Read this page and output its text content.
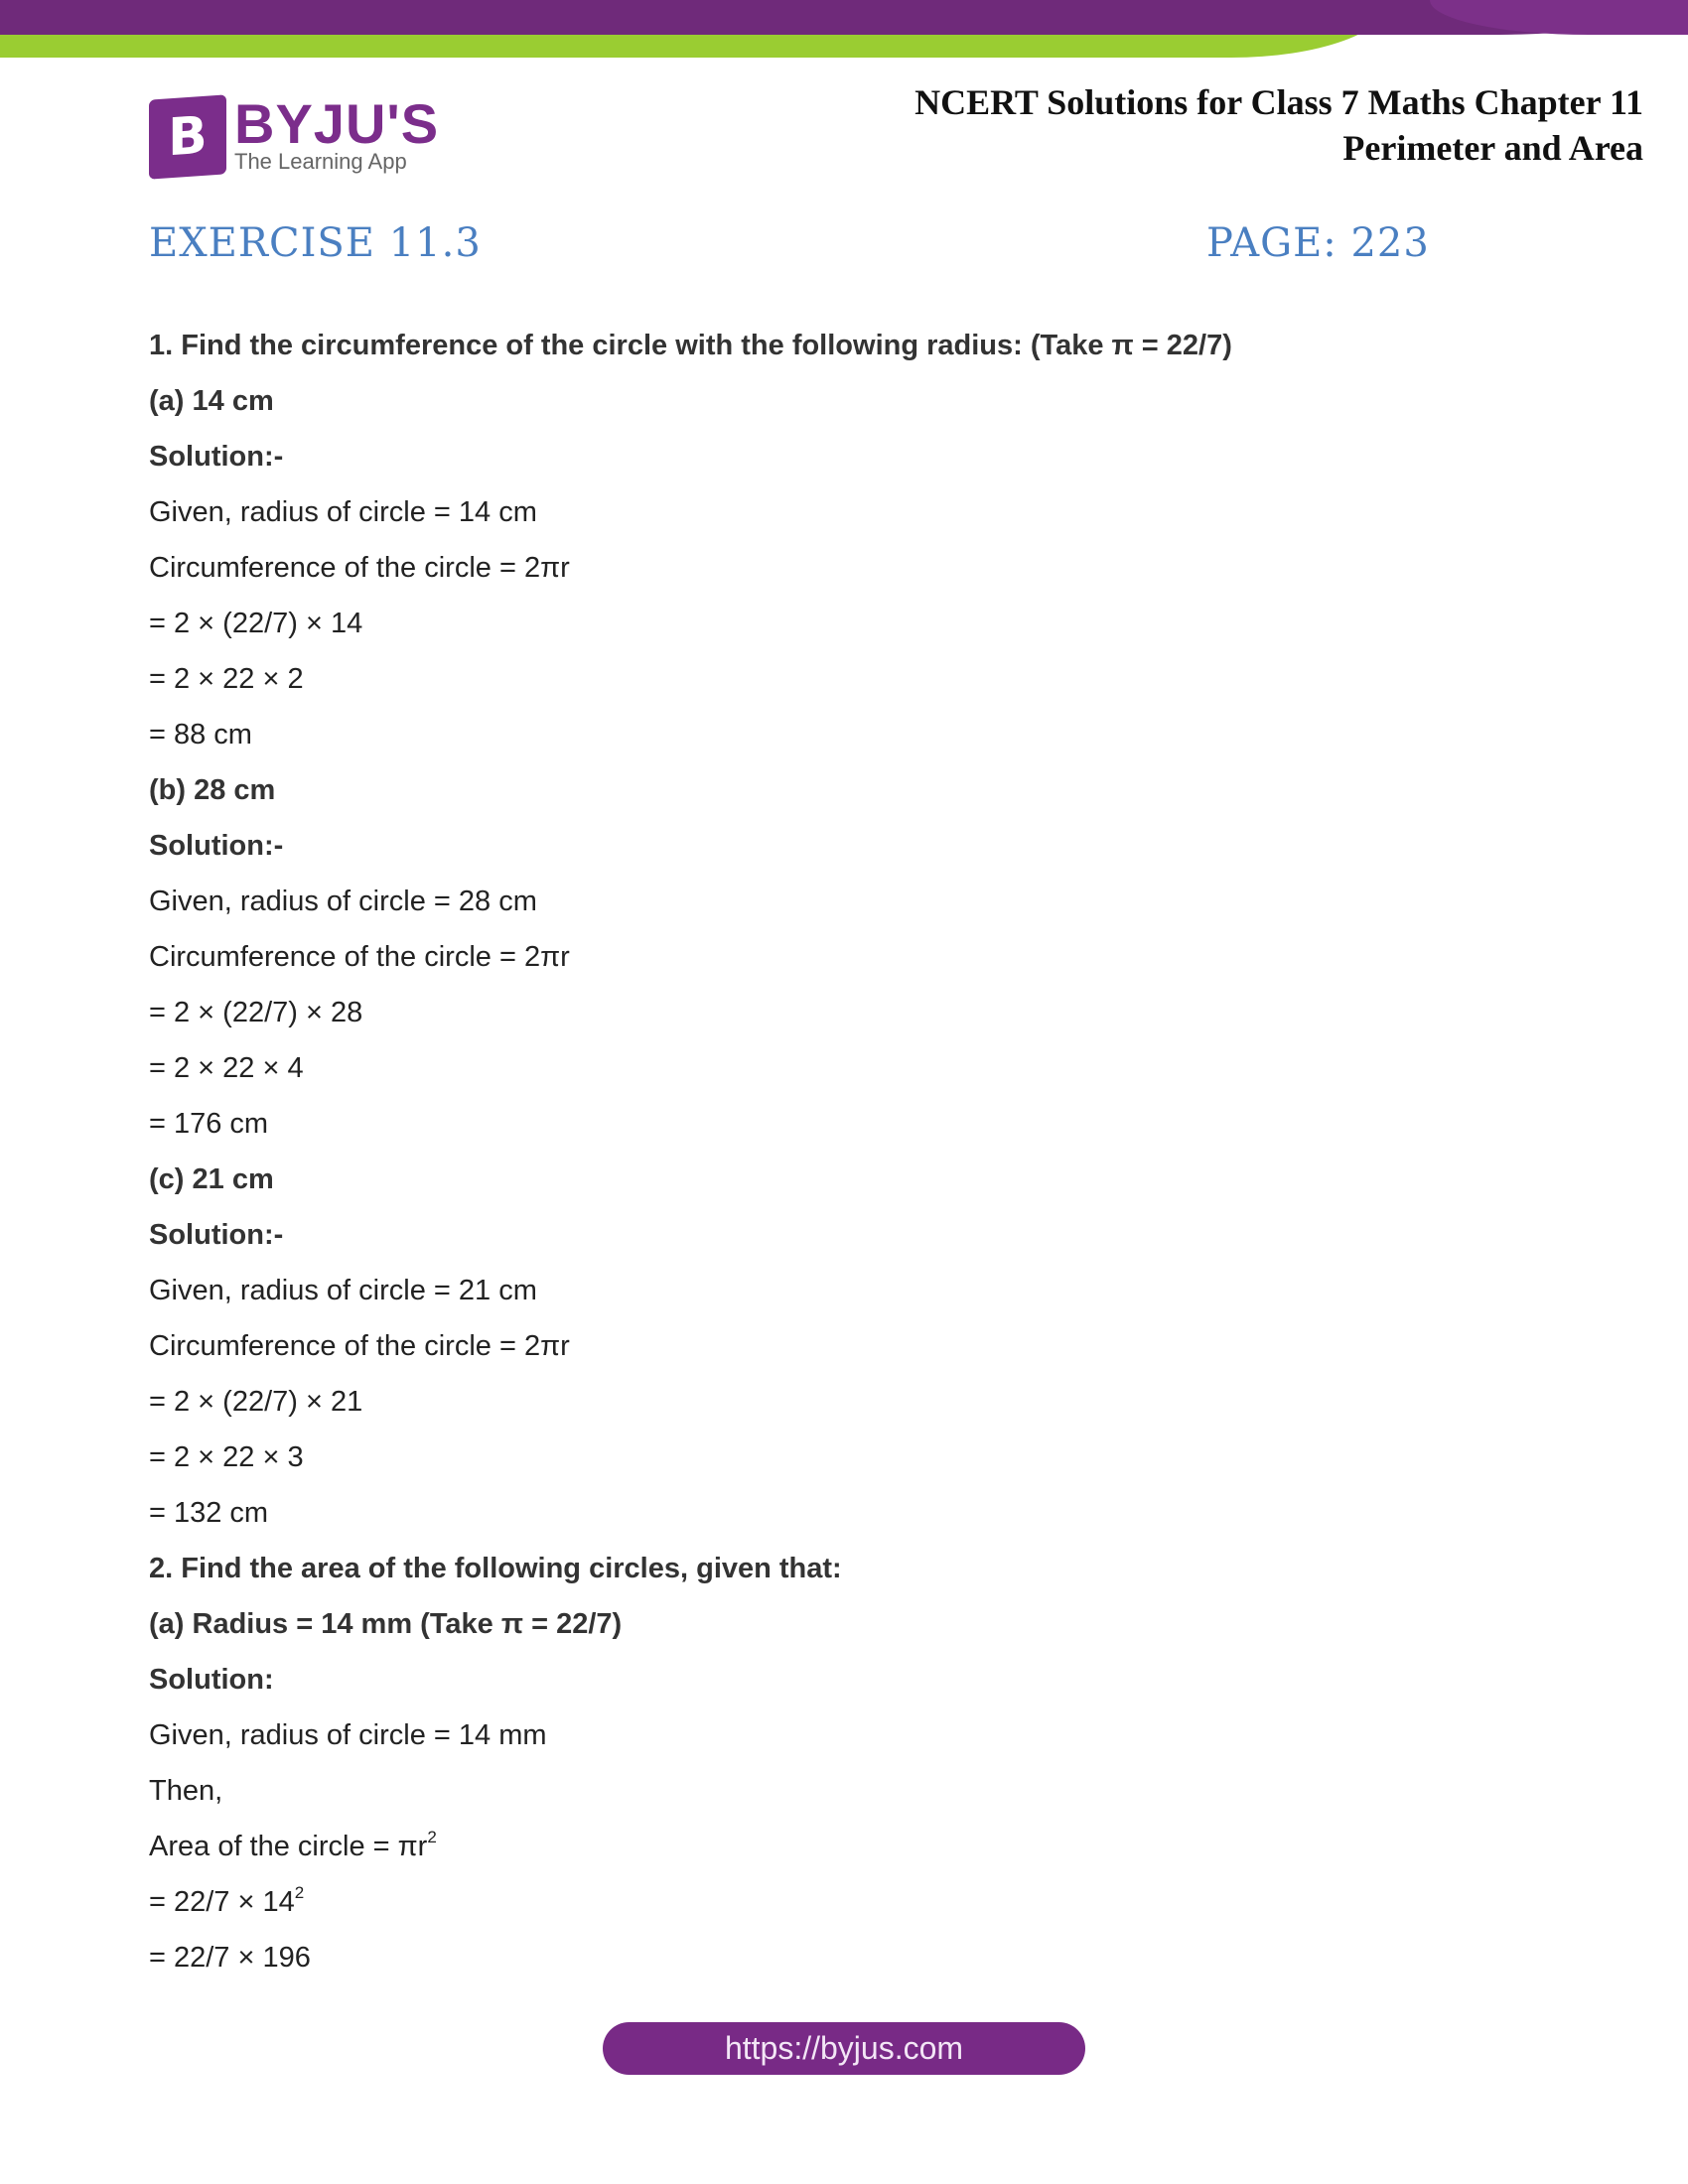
B BYJU'S
The Learning App
NCERT Solutions for Class 7 Maths Chapter 11
Perimeter and Area
EXERCISE 11.3	PAGE: 223
1. Find the circumference of the circle with the following radius: (Take π = 22/7)
(a) 14 cm
Solution:-
Given, radius of circle = 14 cm
Circumference of the circle = 2πr
= 2 × (22/7) × 14
= 2 × 22 × 2
= 88 cm
(b) 28 cm
Solution:-
Given, radius of circle = 28 cm
Circumference of the circle = 2πr
= 2 × (22/7) × 28
= 2 × 22 × 4
= 176 cm
(c) 21 cm
Solution:-
Given, radius of circle = 21 cm
Circumference of the circle = 2πr
= 2 × (22/7) × 21
= 2 × 22 × 3
= 132 cm
2. Find the area of the following circles, given that:
(a) Radius = 14 mm (Take π = 22/7)
Solution:
Given, radius of circle = 14 mm
Then,
Area of the circle = $\pi r^2$
= $22/7 \times 14^2$
= 22/7 × 196
https://byjus.com
